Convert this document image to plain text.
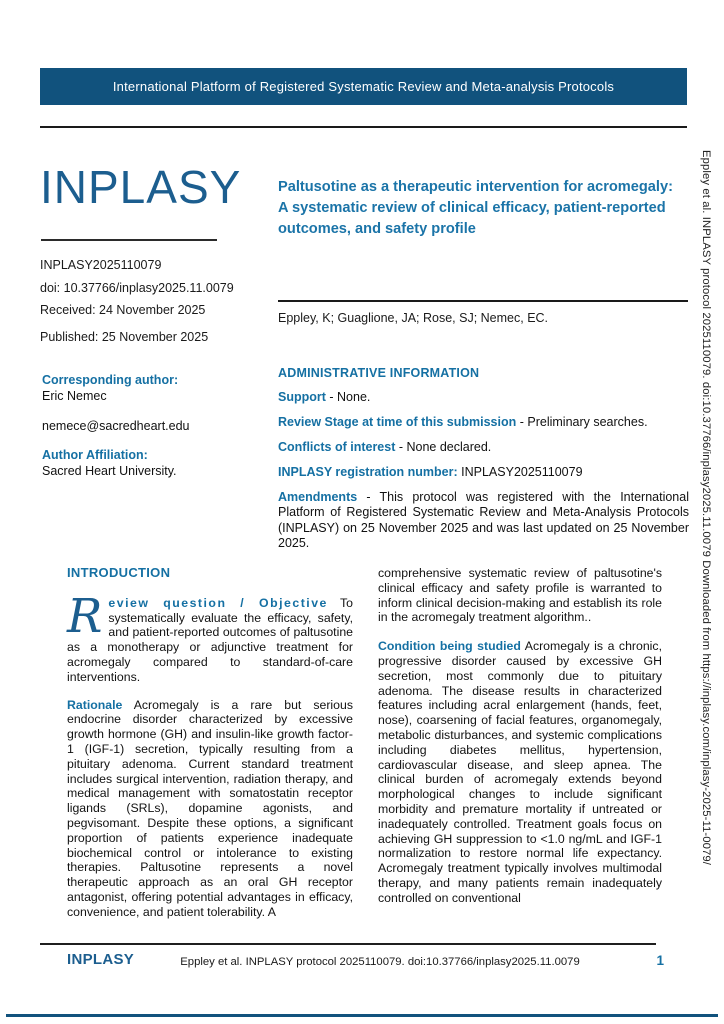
International Platform of Registered Systematic Review and Meta-analysis Protocols
INPLASY
INPLASY2025110079
doi: 10.37766/inplasy2025.11.0079
Received: 24 November 2025
Published: 25 November 2025
Paltusotine as a therapeutic intervention for acromegaly: A systematic review of clinical efficacy, patient-reported outcomes, and safety profile
Eppley, K; Guaglione, JA; Rose, SJ; Nemec, EC.
Corresponding author:
Eric Nemec
nemece@sacredheart.edu
Author Affiliation:
Sacred Heart University.
ADMINISTRATIVE INFORMATION
Support - None.
Review Stage at time of this submission - Preliminary searches.
Conflicts of interest - None declared.
INPLASY registration number: INPLASY2025110079
Amendments - This protocol was registered with the International Platform of Registered Systematic Review and Meta-Analysis Protocols (INPLASY) on 25 November 2025 and was last updated on 25 November 2025.
INTRODUCTION

Review question / Objective To systematically evaluate the efficacy, safety, and patient-reported outcomes of paltusotine as a monotherapy or adjunctive treatment for acromegaly compared to standard-of-care interventions.

Rationale Acromegaly is a rare but serious endocrine disorder characterized by excessive growth hormone (GH) and insulin-like growth factor-1 (IGF-1) secretion, typically resulting from a pituitary adenoma. Current standard treatment includes surgical intervention, radiation therapy, and medical management with somatostatin receptor ligands (SRLs), dopamine agonists, and pegvisomant. Despite these options, a significant proportion of patients experience inadequate biochemical control or intolerance to existing therapies. Paltusotine represents a novel therapeutic approach as an oral GH receptor antagonist, offering potential advantages in efficacy, convenience, and patient tolerability. A

comprehensive systematic review of paltusotine's clinical efficacy and safety profile is warranted to inform clinical decision-making and establish its role in the acromegaly treatment algorithm..

Condition being studied Acromegaly is a chronic, progressive disorder caused by excessive GH secretion, most commonly due to pituitary adenoma. The disease results in characterized features including acral enlargement (hands, feet, nose), coarsening of facial features, organomegaly, metabolic disturbances, and systemic complications including diabetes mellitus, hypertension, cardiovascular disease, and sleep apnea. The clinical burden of acromegaly extends beyond morphological changes to include significant morbidity and premature mortality if untreated or inadequately controlled. Treatment goals focus on achieving GH suppression to <1.0 ng/mL and IGF-1 normalization to restore normal life expectancy. Acromegaly treatment typically involves multimodal therapy, and many patients remain inadequately controlled on conventional

INPLASY	Eppley et al. INPLASY protocol 2025110079. doi:10.37766/inplasy2025.11.0079	1
Eppley et al. INPLASY protocol 2025110079. doi:10.37766/inplasy2025.11.0079 Downloaded from https://inplasy.com/inplasy-2025-11-0079/
